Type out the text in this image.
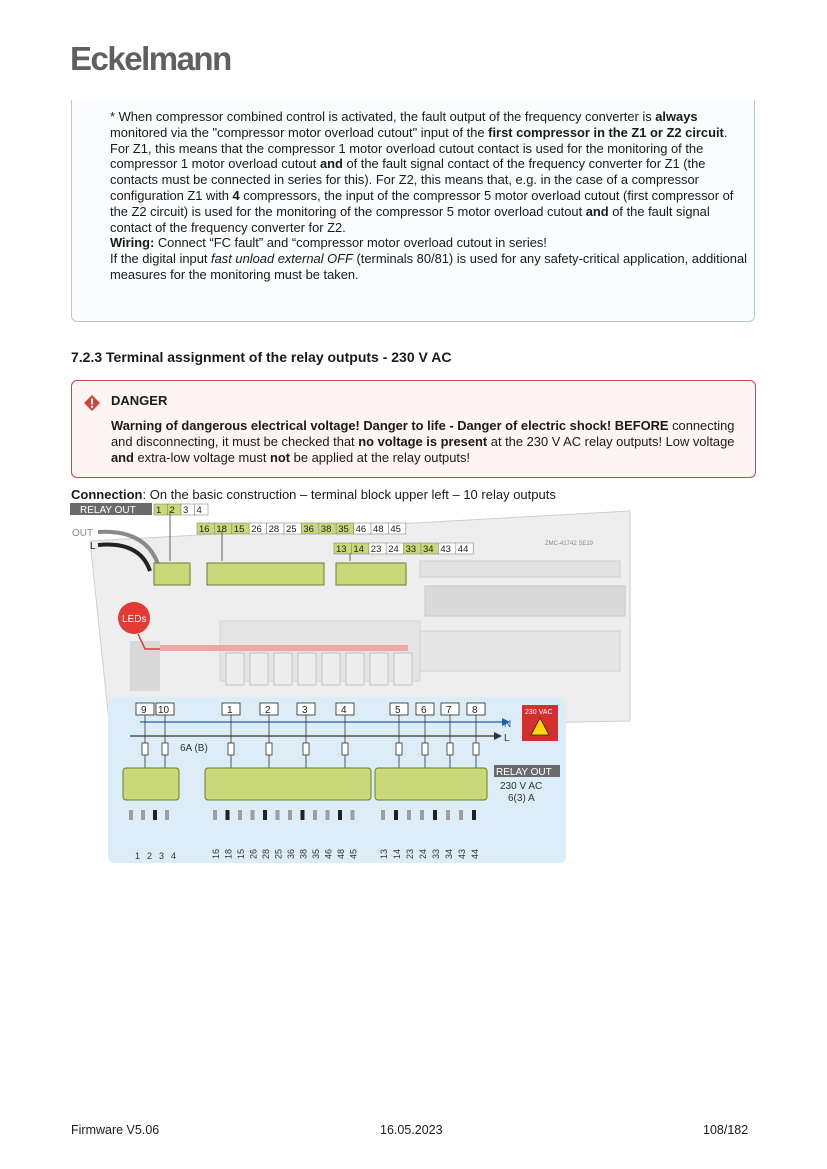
Eckelmann

* When compressor combined control is activated, the fault output of the frequency converter is always monitored via the "compressor motor overload cutout" input of the first compressor in the Z1 or Z2 circuit.

For Z1, this means that the compressor 1 motor overload cutout contact is used for the monitoring of the compressor 1 motor overload cutout and of the fault signal contact of the frequency converter for Z1 (the contacts must be connected in series for this). For Z2, this means that, e.g. in the case of a compressor configuration Z1 with 4 compressors, the input of the compressor 5 motor overload cutout (first compressor of the Z2 circuit) is used for the monitoring of the compressor 5 motor overload cutout and of the fault signal contact of the frequency converter for Z2.

Wiring: Connect “FC fault” and “compressor motor overload cutout in series!

If the digital input fast unload external OFF (terminals 80/81) is used for any safety-critical application, additional measures for the monitoring must be taken.

7.2.3 Terminal assignment of the relay outputs - 230 V AC
DANGER
Warning of dangerous electrical voltage! Danger to life - Danger of electric shock! BEFORE connecting and disconnecting, it must be checked that no voltage is present at the 230 V AC relay outputs! Low voltage and extra-low voltage must not be applied at the relay outputs!
Connection: On the basic construction – terminal block upper left – 10 relay outputs
ZMC-41742 SE19
RELAY OUT 1 2 3 4
16 18 15 26 28 25 36 38 35 46 48 45
13 14 23 24 33 34 43 44
OUT
L
LEDs
9 10	1	2	3	4	5 6 7 8
N
L
6A (B)
230 VAC
RELAY OUT
230 V AC
6(3) A
1 2 3 4	16 18 15 26 28 25 36 38 35 46 48 45 13 14 23 24 33 34 43 44
Firmware V5.06	16.05.2023	108/182
